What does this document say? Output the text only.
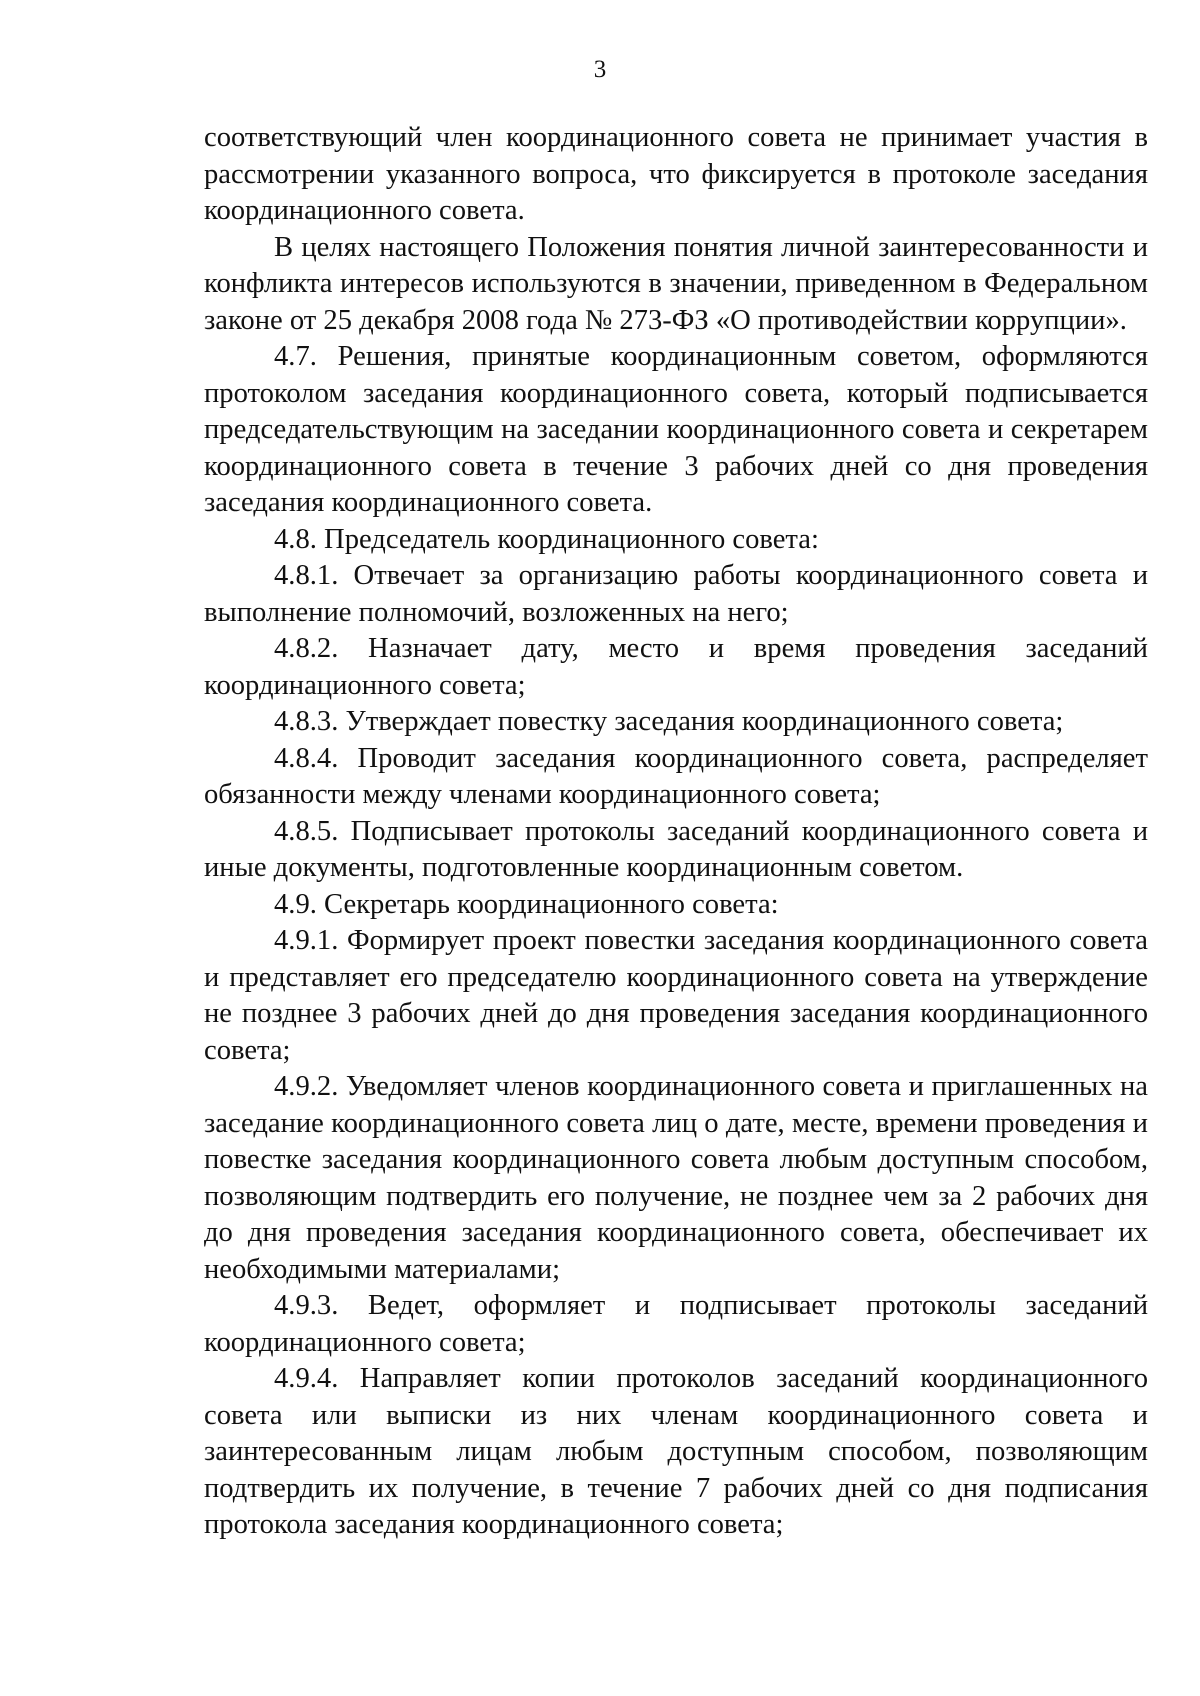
3

соответствующий член координационного совета не принимает участия в рассмотрении указанного вопроса, что фиксируется в протоколе заседания координационного совета.

В целях настоящего Положения понятия личной заинтересованности и конфликта интересов используются в значении, приведенном в Федеральном законе от 25 декабря 2008 года № 273-ФЗ «О противодействии коррупции».

4.7. Решения, принятые координационным советом, оформляются протоколом заседания координационного совета, который подписывается председательствующим на заседании координационного совета и секретарем координационного совета в течение 3 рабочих дней со дня проведения заседания координационного совета.

4.8. Председатель координационного совета:

4.8.1. Отвечает за организацию работы координационного совета и выполнение полномочий, возложенных на него;

4.8.2. Назначает дату, место и время проведения заседаний координационного совета;

4.8.3. Утверждает повестку заседания координационного совета;

4.8.4. Проводит заседания координационного совета, распределяет обязанности между членами координационного совета;

4.8.5. Подписывает протоколы заседаний координационного совета и иные документы, подготовленные координационным советом.

4.9. Секретарь координационного совета:

4.9.1. Формирует проект повестки заседания координационного совета и представляет его председателю координационного совета на утверждение не позднее 3 рабочих дней до дня проведения заседания координационного совета;

4.9.2. Уведомляет членов координационного совета и приглашенных на заседание координационного совета лиц о дате, месте, времени проведения и повестке заседания координационного совета любым доступным способом, позволяющим подтвердить его получение, не позднее чем за 2 рабочих дня до дня проведения заседания координационного совета, обеспечивает их необходимыми материалами;

4.9.3. Ведет, оформляет и подписывает протоколы заседаний координационного совета;

4.9.4. Направляет копии протоколов заседаний координационного совета или выписки из них членам координационного совета и заинтересованным лицам любым доступным способом, позволяющим подтвердить их получение, в течение 7 рабочих дней со дня подписания протокола заседания координационного совета;
